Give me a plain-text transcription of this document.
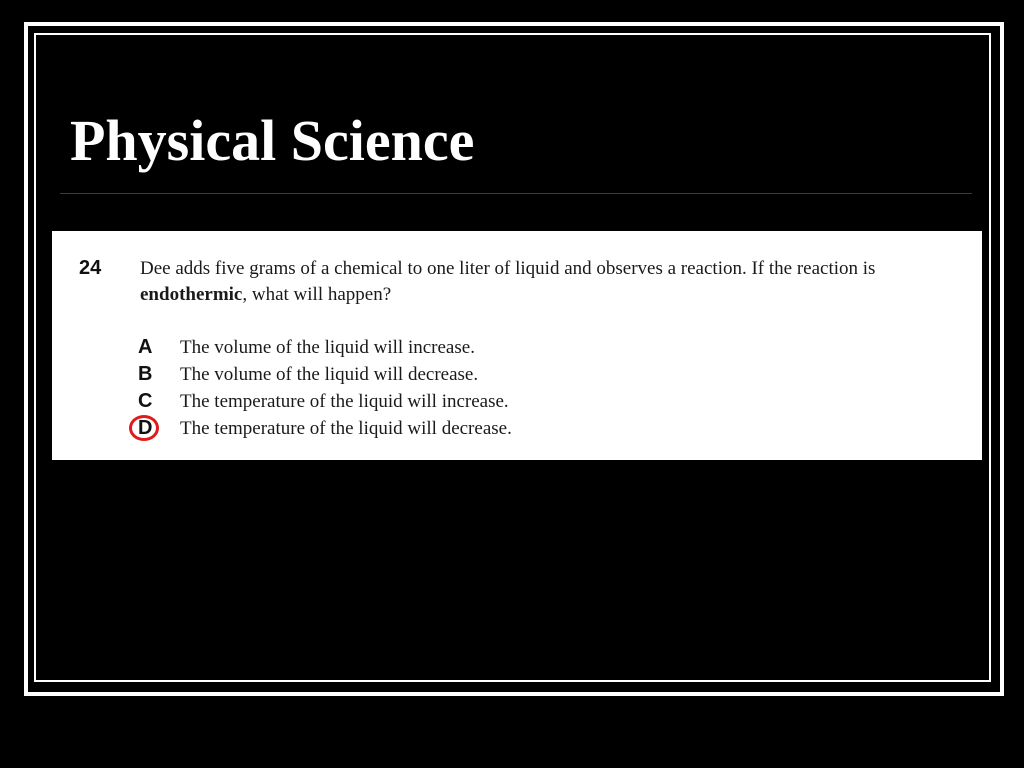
Physical Science
24 Dee adds five grams of a chemical to one liter of liquid and observes a reaction. If the reaction is endothermic, what will happen?
A The volume of the liquid will increase.
B The volume of the liquid will decrease.
C The temperature of the liquid will increase.
D The temperature of the liquid will decrease.
